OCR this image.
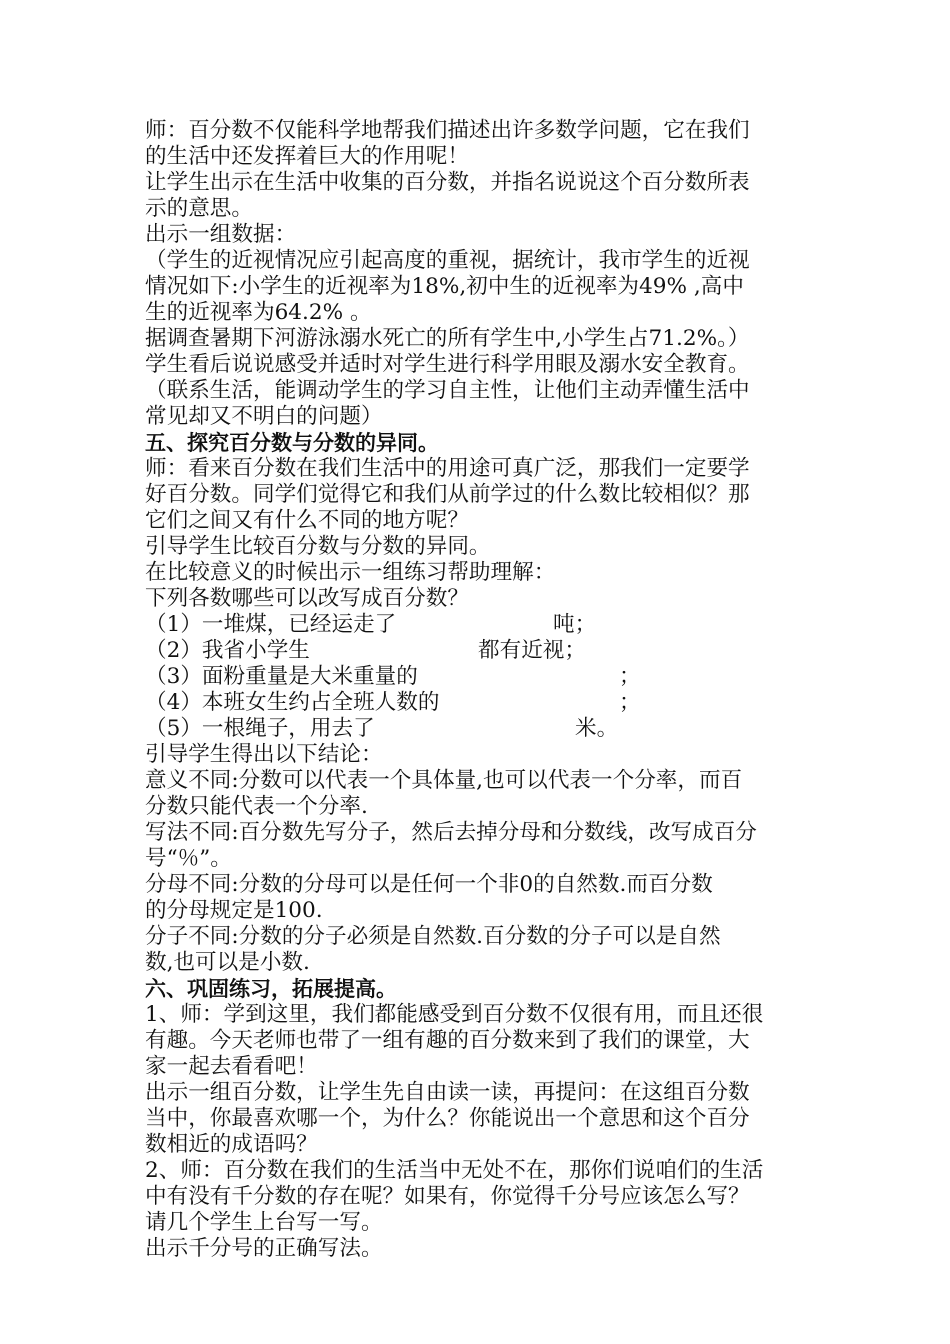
师：百分数不仅能科学地帮我们描述出许多数学问题，它在我们
的生活中还发挥着巨大的作用呢！
让学生出示在生活中收集的百分数，并指名说说这个百分数所表
示的意思。
出示一组数据：
（学生的近视情况应引起高度的重视，据统计，我市学生的近视
情况如下:小学生的近视率为18%,初中生的近视率为49% ,高中
生的近视率为64.2% 。
据调查暑期下河游泳溺水死亡的所有学生中,小学生占71.2%。）
学生看后说说感受并适时对学生进行科学用眼及溺水安全教育。
（联系生活，能调动学生的学习自主性，让他们主动弄懂生活中
常见却又不明白的问题）
五、探究百分数与分数的异同。
师：看来百分数在我们生活中的用途可真广泛，那我们一定要学
好百分数。同学们觉得它和我们从前学过的什么数比较相似？那
它们之间又有什么不同的地方呢？
引导学生比较百分数与分数的异同。
在比较意义的时候出示一组练习帮助理解：
下列各数哪些可以改写成百分数？
（1）一堆煤，已经运走了	吨；
（2）我省小学生	都有近视；
（3）面粉重量是大米重量的	；
（4）本班女生约占全班人数的	；
（5）一根绳子，用去了	米。
引导学生得出以下结论：
意义不同:分数可以代表一个具体量,也可以代表一个分率，而百
分数只能代表一个分率.
写法不同:百分数先写分子，然后去掉分母和分数线，改写成百分
号“％”。
分母不同:分数的分母可以是任何一个非0的自然数.而百分数
的分母规定是100.
分子不同:分数的分子必须是自然数.百分数的分子可以是自然
数,也可以是小数.
六、巩固练习，拓展提高。
1、师：学到这里，我们都能感受到百分数不仅很有用，而且还很
有趣。今天老师也带了一组有趣的百分数来到了我们的课堂，大
家一起去看看吧！
出示一组百分数，让学生先自由读一读，再提问：在这组百分数
当中，你最喜欢哪一个，为什么？你能说出一个意思和这个百分
数相近的成语吗？
2、师：百分数在我们的生活当中无处不在，那你们说咱们的生活
中有没有千分数的存在呢？如果有，你觉得千分号应该怎么写？
请几个学生上台写一写。
出示千分号的正确写法。
